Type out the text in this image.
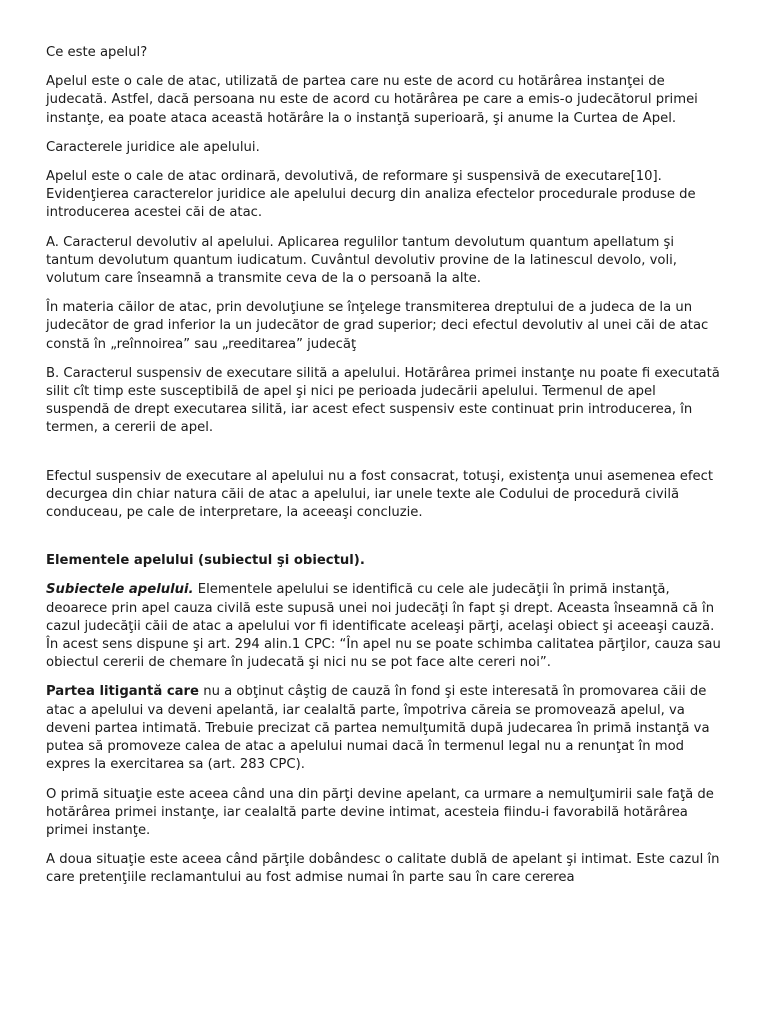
Ce este apelul?

Apelul este o cale de atac, utilizată de partea care nu este de acord cu hotărârea instanţei de judecată. Astfel, dacă persoana nu este de acord cu hotărârea pe care a emis-o judecătorul primei instanţe, ea poate ataca această hotărâre la o instanţă superioară, şi anume la Curtea de Apel.

Caracterele juridice ale apelului.

Apelul este o cale de atac ordinară, devolutivă, de reformare şi suspensivă de executare[10]. Evidenţierea caracterelor juridice ale apelului decurg din analiza efectelor procedurale produse de introducerea acestei căi de atac.

A. Caracterul devolutiv al apelului. Aplicarea regulilor tantum devolutum quantum apellatum şi tantum devolutum quantum iudicatum. Cuvântul devolutiv provine de la latinescul devolo, voli, volutum care înseamnă a transmite ceva de la o persoană la alte.

În materia căilor de atac, prin devoluţiune se înţelege transmiterea dreptului de a judeca de la un judecător de grad inferior la un judecător de grad superior; deci efectul devolutiv al unei căi de atac constă în „reînnoirea” sau „reeditarea” judecăţ

B. Caracterul suspensiv de executare silită a apelului. Hotărârea primei instanţe nu poate fi executată silit cît timp este susceptibilă de apel şi nici pe perioada judecării apelului. Termenul de apel suspendă de drept executarea silită, iar acest efect suspensiv este continuat prin introducerea, în termen, a cererii de apel.

Efectul suspensiv de executare al apelului nu a fost consacrat, totuşi, existenţa unui asemenea efect decurgea din chiar natura căii de atac a apelului, iar unele texte ale Codului de procedură civilă conduceau, pe cale de interpretare, la aceeaşi concluzie.

Elementele apelului (subiectul şi obiectul).

Subiectele apelului. Elementele apelului se identifică cu cele ale judecăţii în primă instanţă, deoarece prin apel cauza civilă este supusă unei noi judecăţi în fapt şi drept. Aceasta înseamnă că în cazul judecăţii căii de atac a apelului vor fi identificate aceleaşi părţi, acelaşi obiect şi aceeaşi cauză. În acest sens dispune şi art. 294 alin.1 CPC: “În apel nu se poate schimba calitatea părţilor, cauza sau obiectul cererii de chemare în judecată şi nici nu se pot face alte cereri noi”.

Partea litigantă care nu a obţinut câştig de cauză în fond şi este interesată în promovarea căii de atac a apelului va deveni apelantă, iar cealaltă parte, împotriva căreia se promovează apelul, va deveni partea intimată. Trebuie precizat că partea nemulţumită după judecarea în primă instanţă va putea să promoveze calea de atac a apelului numai dacă în termenul legal nu a renunţat în mod expres la exercitarea sa (art. 283 CPC).

O primă situaţie este aceea când una din părţi devine apelant, ca urmare a nemulţumirii sale faţă de hotărârea primei instanţe, iar cealaltă parte devine intimat, acesteia fiindu-i favorabilă hotărârea primei instanţe.

A doua situaţie este aceea când părţile dobândesc o calitate dublă de apelant şi intimat. Este cazul în care pretenţiile reclamantului au fost admise numai în parte sau în care cererea
